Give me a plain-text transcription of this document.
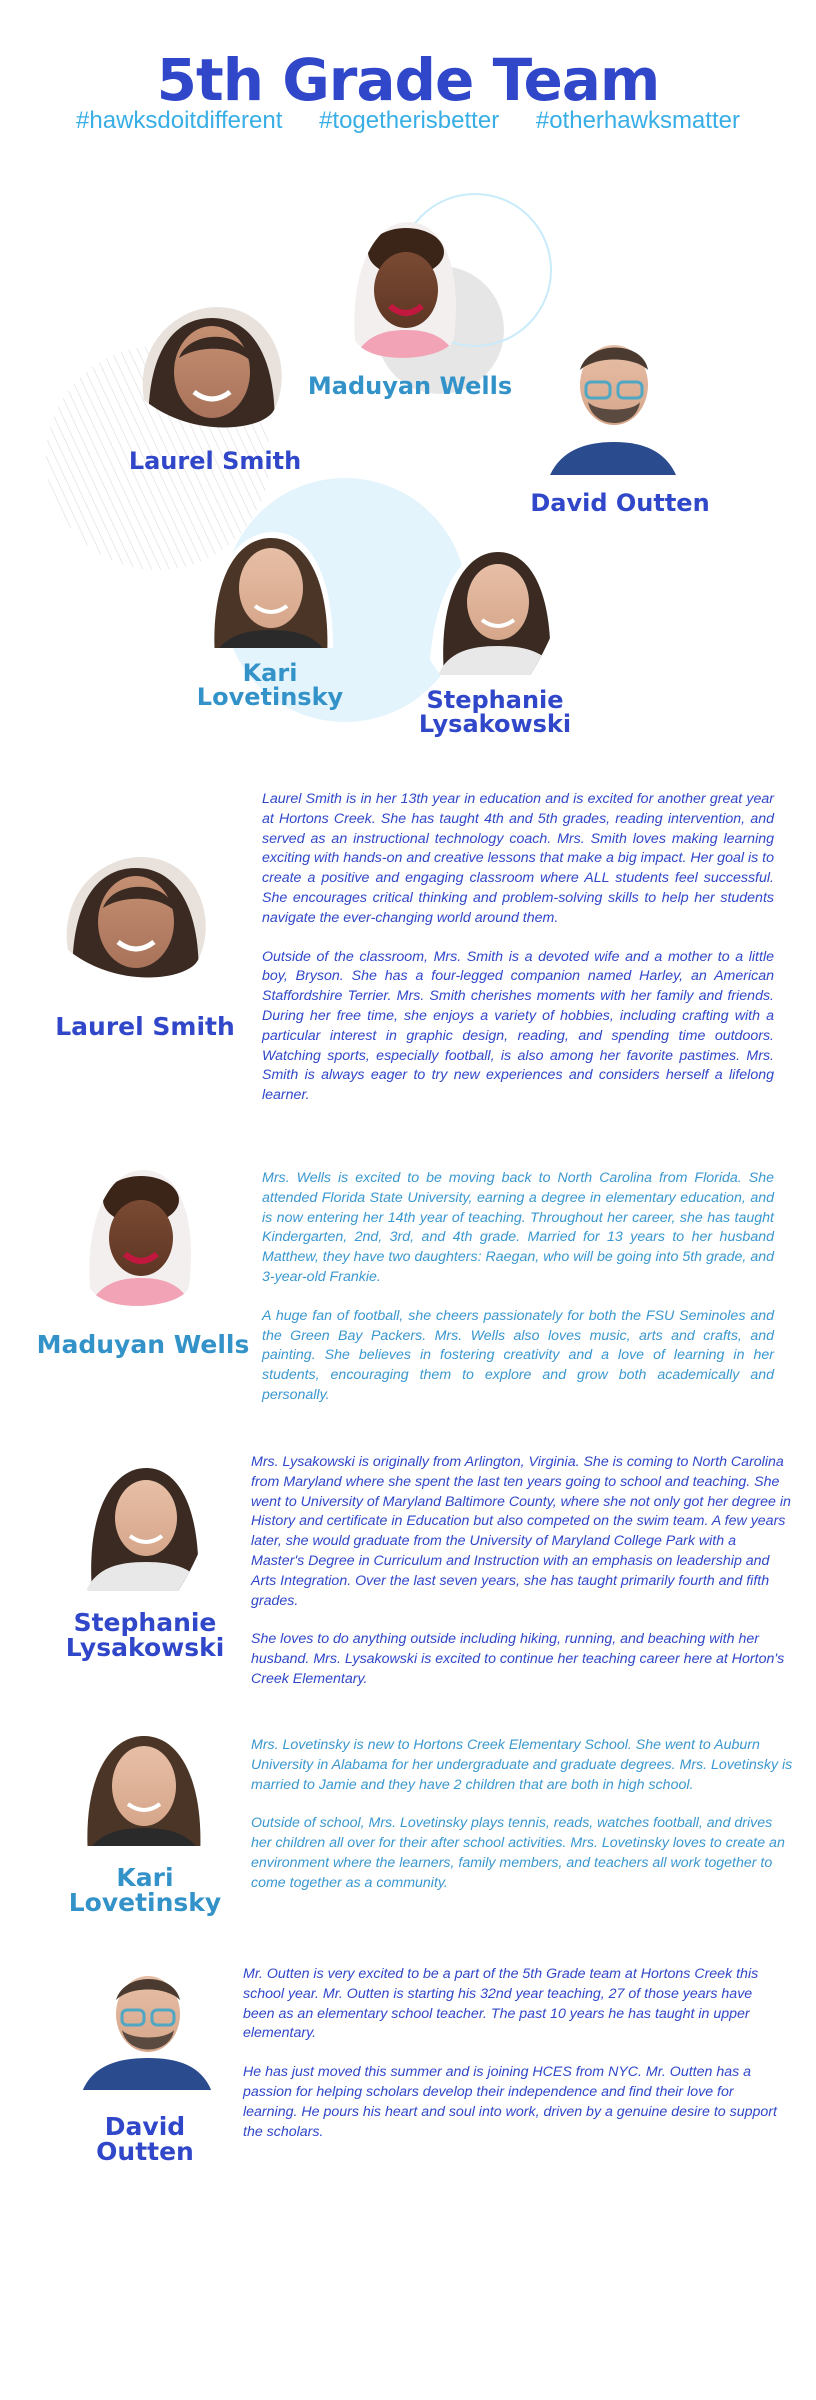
5th Grade Team
#hawksdoitdifferent #togetherisbetter #otherhawksmatter
Laurel Smith
Maduyan Wells
David Outten
Kari
Lovetinsky	Stephanie
Lysakowski
Laurel Smith

Laurel Smith is in her 13th year in education and is excited for another great year at Hortons Creek. She has taught 4th and 5th grades, reading intervention, and served as an instructional technology coach. Mrs. Smith loves making learning exciting with hands-on and creative lessons that make a big impact. Her goal is to create a positive and engaging classroom where ALL students feel successful. She encourages critical thinking and problem-solving skills to help her students navigate the ever-changing world around them.

Outside of the classroom, Mrs. Smith is a devoted wife and a mother to a little boy, Bryson. She has a four-legged companion named Harley, an American Staffordshire Terrier. Mrs. Smith cherishes moments with her family and friends. During her free time, she enjoys a variety of hobbies, including crafting with a particular interest in graphic design, reading, and spending time outdoors. Watching sports, especially football, is also among her favorite pastimes. Mrs. Smith is always eager to try new experiences and considers herself a lifelong learner.

Maduyan Wells

Mrs. Wells is excited to be moving back to North Carolina from Florida. She attended Florida State University, earning a degree in elementary education, and is now entering her 14th year of teaching. Throughout her career, she has taught Kindergarten, 2nd, 3rd, and 4th grade. Married for 13 years to her husband Matthew, they have two daughters: Raegan, who will be going into 5th grade, and 3-year-old Frankie.

A huge fan of football, she cheers passionately for both the FSU Seminoles and the Green Bay Packers. Mrs. Wells also loves music, arts and crafts, and painting. She believes in fostering creativity and a love of learning in her students, encouraging them to explore and grow both academically and personally.

Stephanie
Lysakowski

Mrs. Lysakowski is originally from Arlington, Virginia. She is coming to North Carolina from Maryland where she spent the last ten years going to school and teaching. She went to University of Maryland Baltimore County, where she not only got her degree in History and certificate in Education but also competed on the swim team. A few years later, she would graduate from the University of Maryland College Park with a Master's Degree in Curriculum and Instruction with an emphasis on leadership and Arts Integration. Over the last seven years, she has taught primarily fourth and fifth grades.

She loves to do anything outside including hiking, running, and beaching with her husband. Mrs. Lysakowski is excited to continue her teaching career here at Horton's Creek Elementary.

Kari
Lovetinsky

Mrs. Lovetinsky is new to Hortons Creek Elementary School. She went to Auburn University in Alabama for her undergraduate and graduate degrees. Mrs. Lovetinsky is married to Jamie and they have 2 children that are both in high school.

Outside of school, Mrs. Lovetinsky plays tennis, reads, watches football, and drives her children all over for their after school activities. Mrs. Lovetinsky loves to create an environment where the learners, family members, and teachers all work together to come together as a community.

David
Outten

Mr. Outten is very excited to be a part of the 5th Grade team at Hortons Creek this school year. Mr. Outten is starting his 32nd year teaching, 27 of those years have been as an elementary school teacher. The past 10 years he has taught in upper elementary.

He has just moved this summer and is joining HCES from NYC. Mr. Outten has a passion for helping scholars develop their independence and find their love for learning. He pours his heart and soul into work, driven by a genuine desire to support the scholars.
